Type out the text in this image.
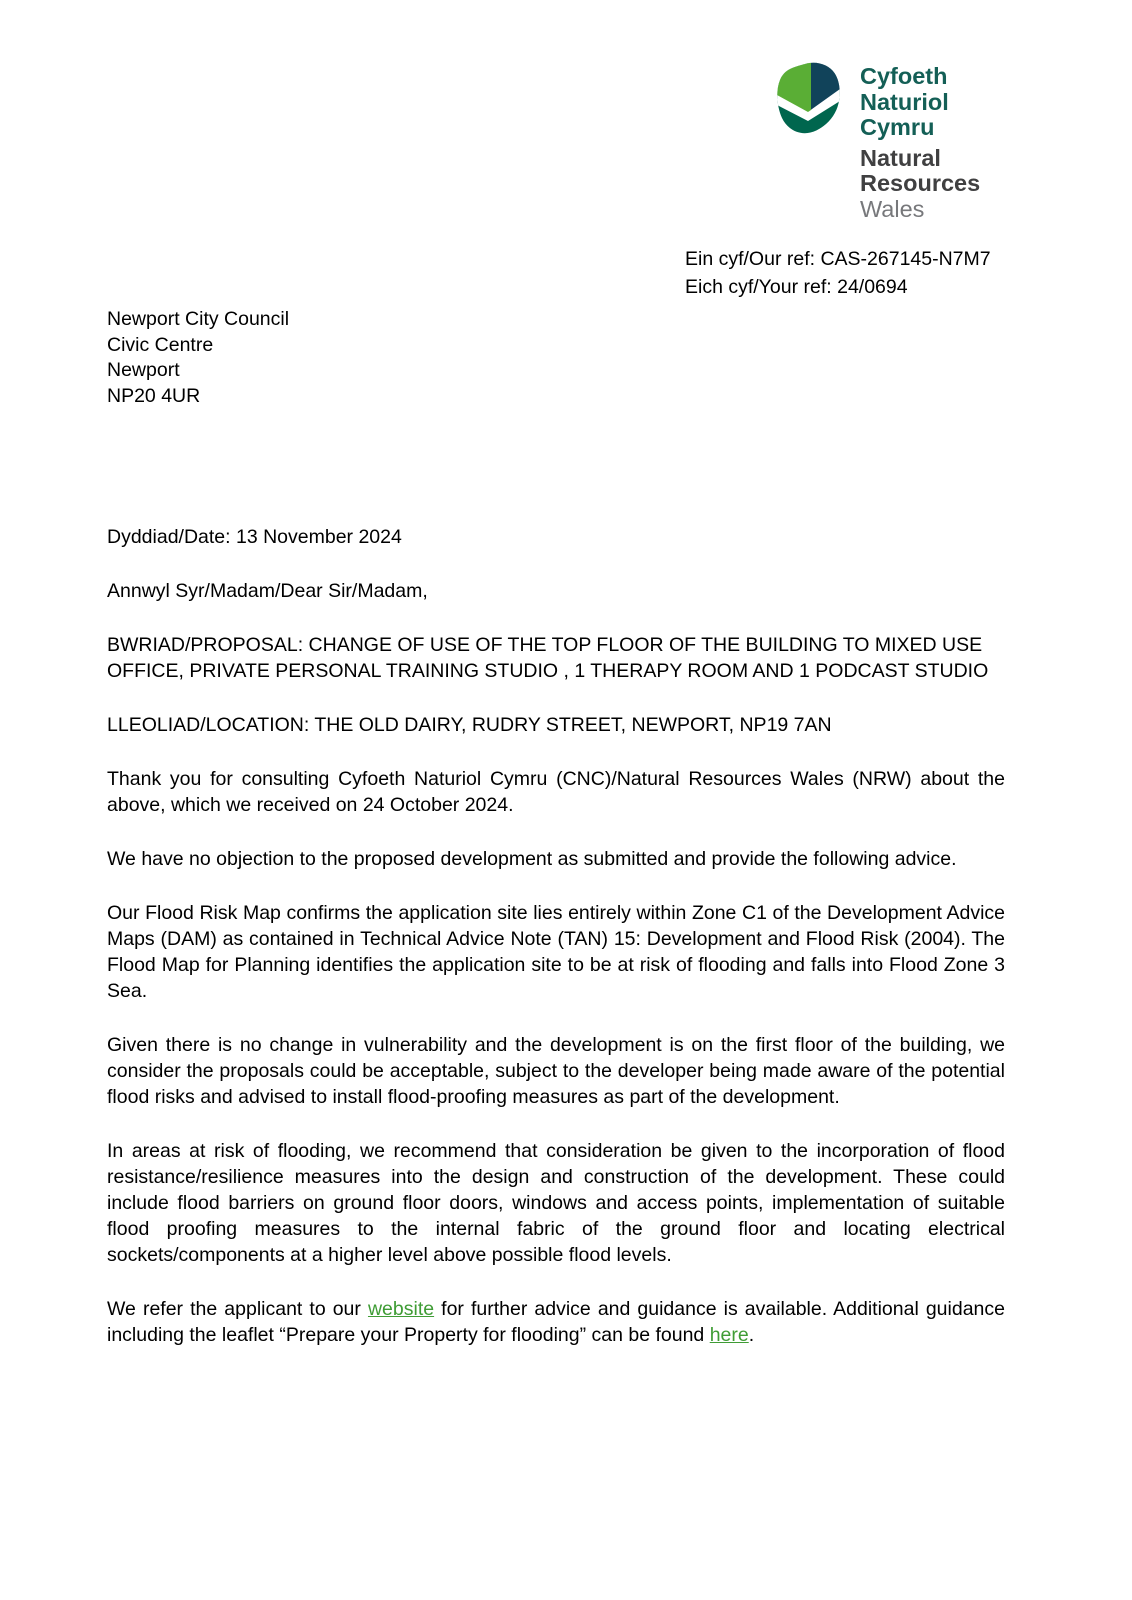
Cyfoeth
Naturiol
Cymru
Natural
Resources
Wales
Ein cyf/Our ref: CAS-267145-N7M7
Eich cyf/Your ref: 24/0694
Newport City Council
Civic Centre
Newport
NP20 4UR

Dyddiad/Date: 13 November 2024

Annwyl Syr/Madam/Dear Sir/Madam,

BWRIAD/PROPOSAL: CHANGE OF USE OF THE TOP FLOOR OF THE BUILDING TO MIXED USE OFFICE, PRIVATE PERSONAL TRAINING STUDIO , 1 THERAPY ROOM AND 1 PODCAST STUDIO

LLEOLIAD/LOCATION: THE OLD DAIRY, RUDRY STREET, NEWPORT, NP19 7AN

Thank you for consulting Cyfoeth Naturiol Cymru (CNC)/Natural Resources Wales (NRW) about the above, which we received on 24 October 2024.

We have no objection to the proposed development as submitted and provide the following advice.

Our Flood Risk Map confirms the application site lies entirely within Zone C1 of the Development Advice Maps (DAM) as contained in Technical Advice Note (TAN) 15: Development and Flood Risk (2004). The Flood Map for Planning identifies the application site to be at risk of flooding and falls into Flood Zone 3 Sea.

Given there is no change in vulnerability and the development is on the first floor of the building, we consider the proposals could be acceptable, subject to the developer being made aware of the potential flood risks and advised to install flood-proofing measures as part of the development.

In areas at risk of flooding, we recommend that consideration be given to the incorporation of flood resistance/resilience measures into the design and construction of the development. These could include flood barriers on ground floor doors, windows and access points, implementation of suitable flood proofing measures to the internal fabric of the ground floor and locating electrical sockets/components at a higher level above possible flood levels.

We refer the applicant to our website for further advice and guidance is available. Additional guidance including the leaflet “Prepare your Property for flooding” can be found here.
